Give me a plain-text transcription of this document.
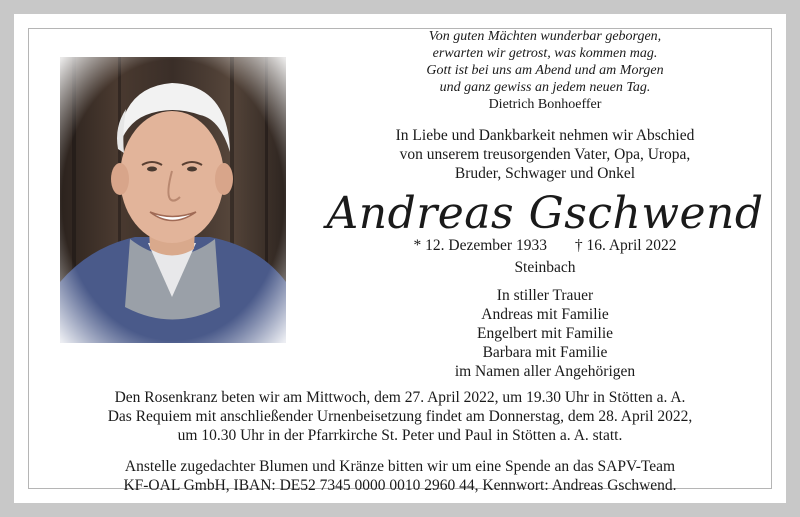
Von guten Mächten wunderbar geborgen,
erwarten wir getrost, was kommen mag.
Gott ist bei uns am Abend und am Morgen
und ganz gewiss an jedem neuen Tag.
Dietrich Bonhoeffer
In Liebe und Dankbarkeit nehmen wir Abschied
von unserem treusorgenden Vater, Opa, Uropa,
Bruder, Schwager und Onkel
Andreas Gschwend
* 12. Dezember 1933 † 16. April 2022
Steinbach
In stiller Trauer
Andreas mit Familie
Engelbert mit Familie
Barbara mit Familie
im Namen aller Angehörigen
Den Rosenkranz beten wir am Mittwoch, dem 27. April 2022, um 19.30 Uhr in Stötten a. A.
Das Requiem mit anschließender Urnenbeisetzung findet am Donnerstag, dem 28. April 2022,
um 10.30 Uhr in der Pfarrkirche St. Peter und Paul in Stötten a. A. statt.
Anstelle zugedachter Blumen und Kränze bitten wir um eine Spende an das SAPV-Team
KF-OAL GmbH, IBAN: DE52 7345 0000 0010 2960 44, Kennwort: Andreas Gschwend.
